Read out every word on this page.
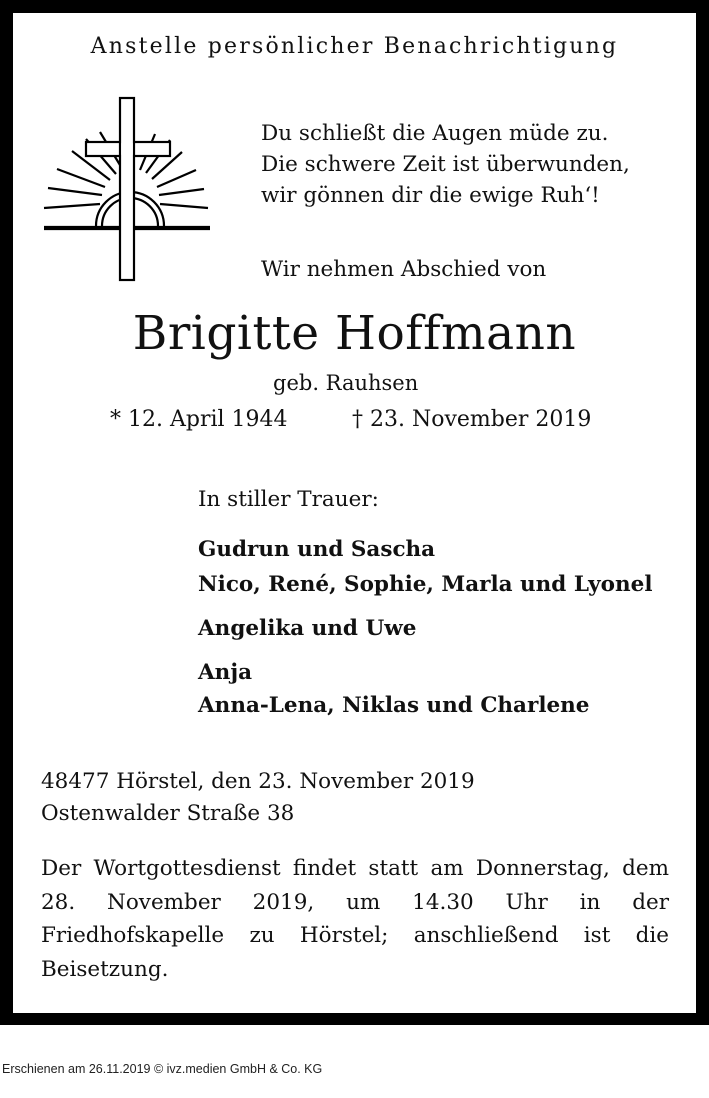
Anstelle persönlicher Benachrichtigung
Du schließt die Augen müde zu.
Die schwere Zeit ist überwunden,
wir gönnen dir die ewige Ruh‘!
Wir nehmen Abschied von
Brigitte Hoffmann
geb. Rauhsen
* 12. April 1944	† 23. November 2019
In stiller Trauer:
Gudrun und Sascha
Nico, René, Sophie, Marla und Lyonel
Angelika und Uwe
Anja
Anna-Lena, Niklas und Charlene
48477 Hörstel, den 23. November 2019
Ostenwalder Straße 38
Der Wortgottesdienst findet statt am Donnerstag, dem 28. November 2019, um 14.30 Uhr in der Friedhofskapelle zu Hörstel; anschließend ist die Beisetzung.
Erschienen am 26.11.2019 © ivz.medien GmbH & Co. KG
